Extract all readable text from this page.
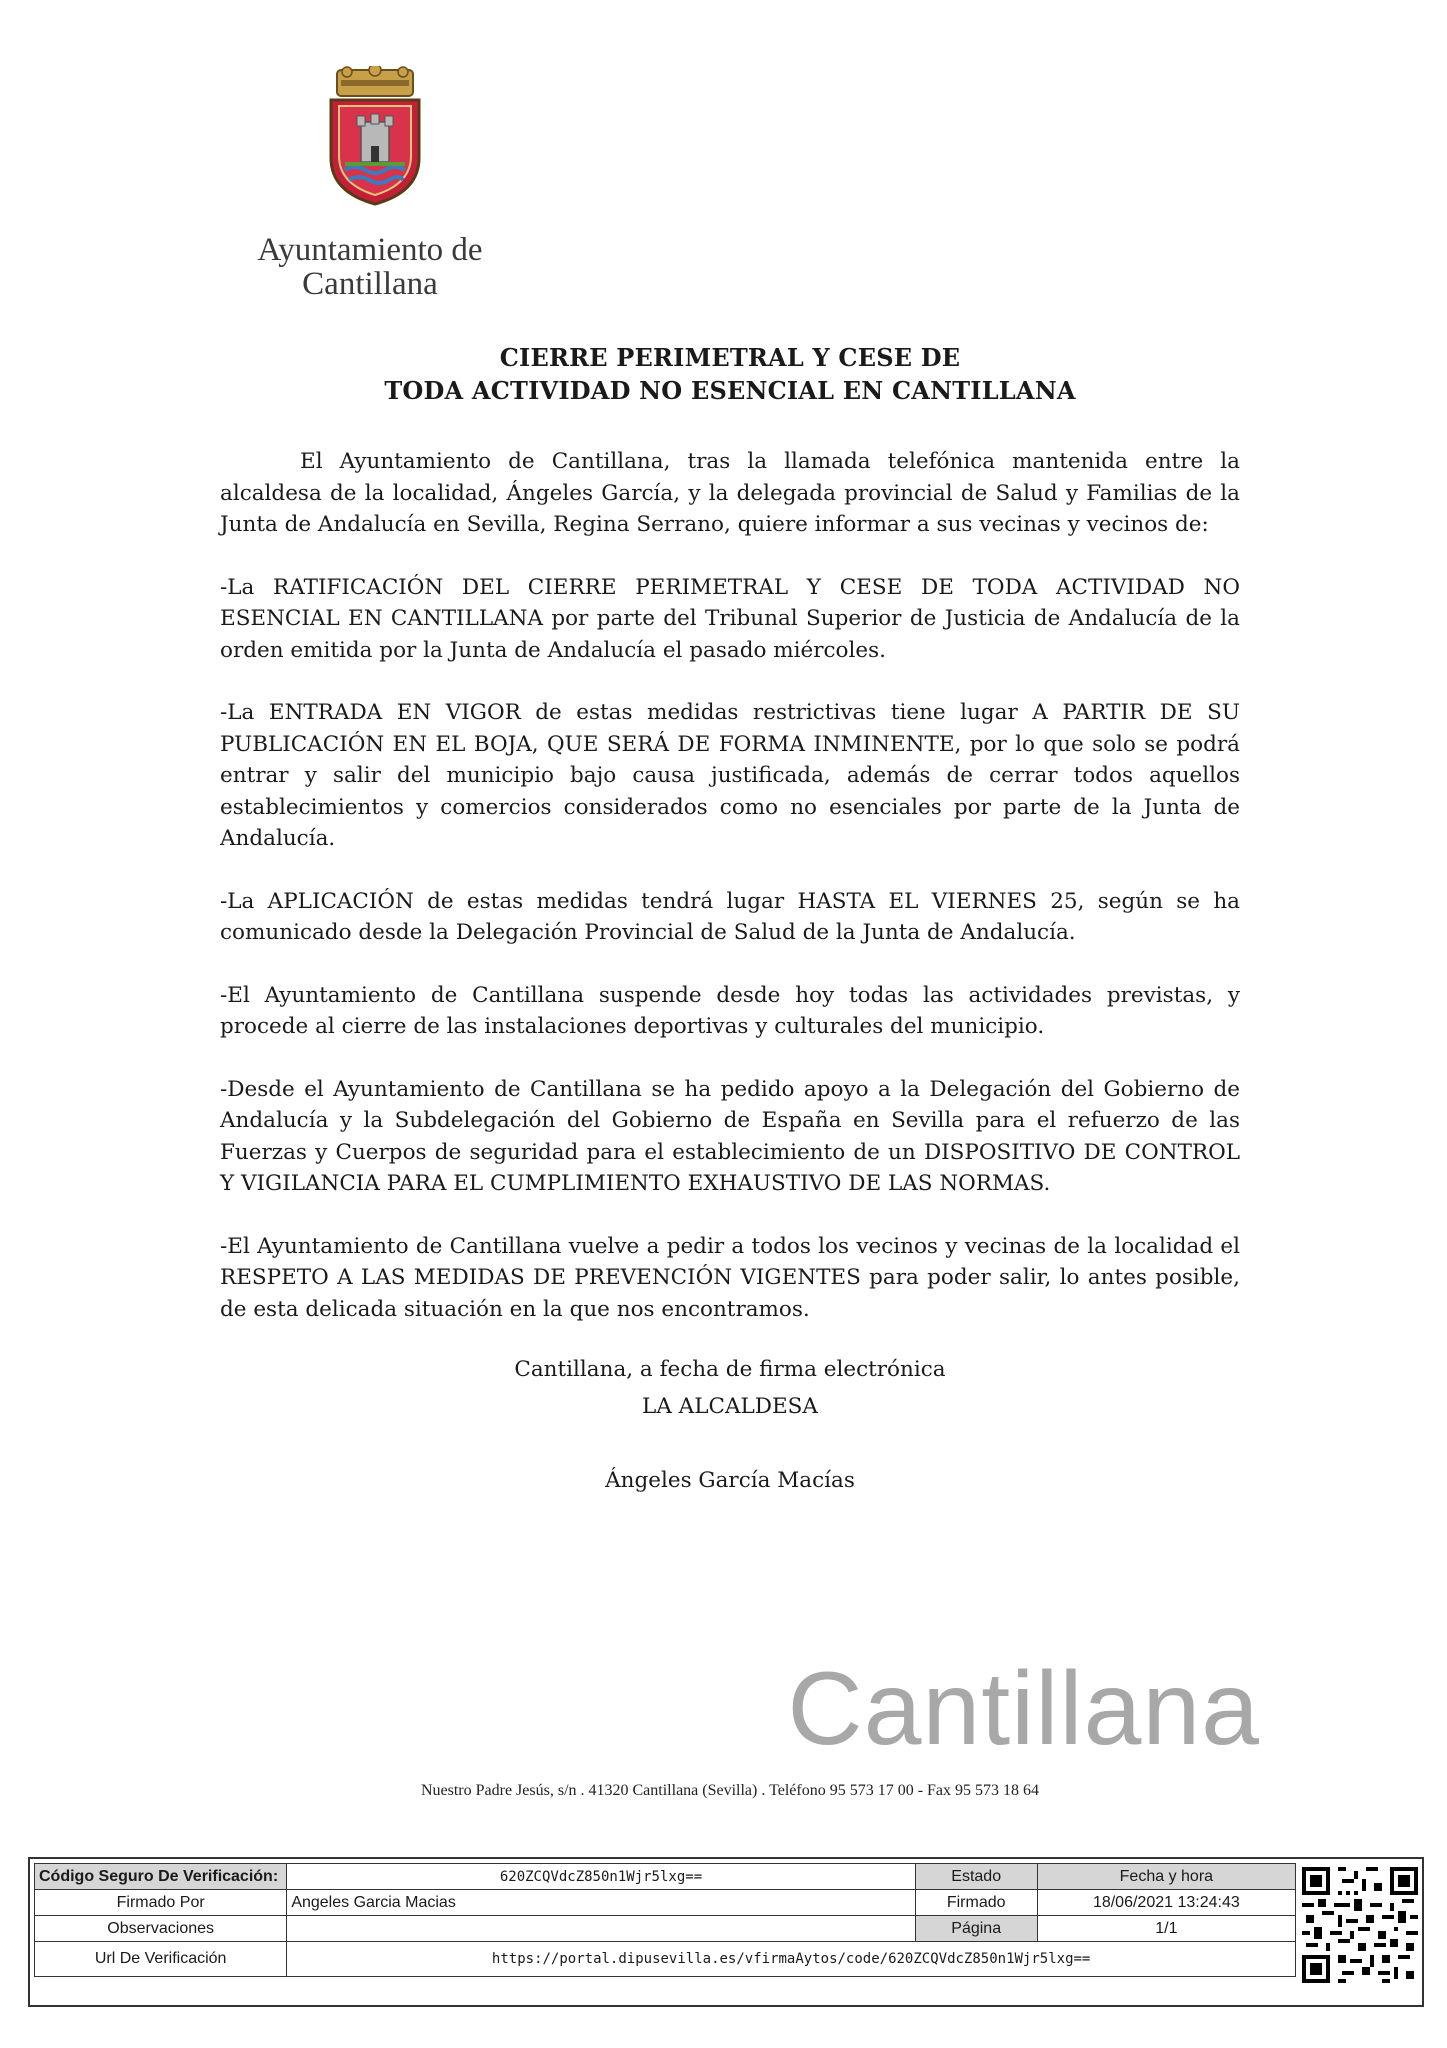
Ayuntamiento de
Cantillana
CIERRE PERIMETRAL Y CESE DE
TODA ACTIVIDAD NO ESENCIAL EN CANTILLANA

El Ayuntamiento de Cantillana, tras la llamada telefónica mantenida entre la alcaldesa de la localidad, Ángeles García, y la delegada provincial de Salud y Familias de la Junta de Andalucía en Sevilla, Regina Serrano, quiere informar a sus vecinas y vecinos de:

-La RATIFICACIÓN DEL CIERRE PERIMETRAL Y CESE DE TODA ACTIVIDAD NO ESENCIAL EN CANTILLANA por parte del Tribunal Superior de Justicia de Andalucía de la orden emitida por la Junta de Andalucía el pasado miércoles.

-La ENTRADA EN VIGOR de estas medidas restrictivas tiene lugar A PARTIR DE SU PUBLICACIÓN EN EL BOJA, QUE SERÁ DE FORMA INMINENTE, por lo que solo se podrá entrar y salir del municipio bajo causa justificada, además de cerrar todos aquellos establecimientos y comercios considerados como no esenciales por parte de la Junta de Andalucía.

-La APLICACIÓN de estas medidas tendrá lugar HASTA EL VIERNES 25, según se ha comunicado desde la Delegación Provincial de Salud de la Junta de Andalucía.

-El Ayuntamiento de Cantillana suspende desde hoy todas las actividades previstas, y procede al cierre de las instalaciones deportivas y culturales del municipio.

-Desde el Ayuntamiento de Cantillana se ha pedido apoyo a la Delegación del Gobierno de Andalucía y la Subdelegación del Gobierno de España en Sevilla para el refuerzo de las Fuerzas y Cuerpos de seguridad para el establecimiento de un DISPOSITIVO DE CONTROL Y VIGILANCIA PARA EL CUMPLIMIENTO EXHAUSTIVO DE LAS NORMAS.

-El Ayuntamiento de Cantillana vuelve a pedir a todos los vecinos y vecinas de la localidad el RESPETO A LAS MEDIDAS DE PREVENCIÓN VIGENTES para poder salir, lo antes posible, de esta delicada situación en la que nos encontramos.

Cantillana, a fecha de firma electrónica
LA ALCALDESA
Ángeles García Macías
Cantillana
Nuestro Padre Jesús, s/n . 41320 Cantillana (Sevilla) . Teléfono 95 573 17 00 - Fax 95 573 18 64
Código Seguro De Verificación:	620ZCQVdcZ850n1Wjr5lxg==	Estado	Fecha y hora
Firmado Por	Angeles Garcia Macias	Firmado	18/06/2021 13:24:43
Observaciones		Página	1/1
Url De Verificación	https://portal.dipusevilla.es/vfirmaAytos/code/620ZCQVdcZ850n1Wjr5lxg==		
